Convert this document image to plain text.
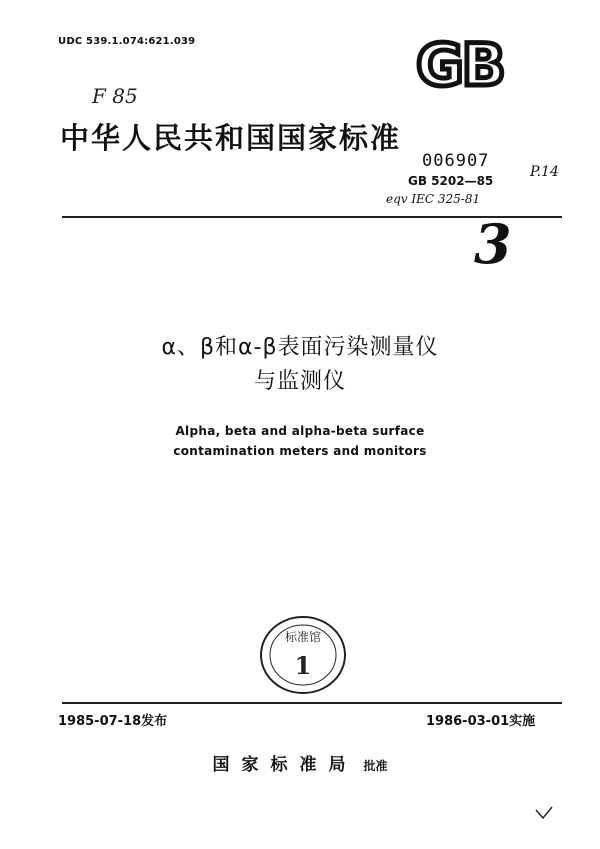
UDC 539.1.074:621.039	GB
F 85
中华人民共和国国家标准
006907
GB 5202—85
P.14
eqv IEC 325-81
3
α、β和α-β表面污染测量仪
与监测仪
Alpha, beta and alpha-beta surface
contamination meters and monitors
标准馆
1
1985-07-18发布	1986-03-01实施
国家标准局 批准
